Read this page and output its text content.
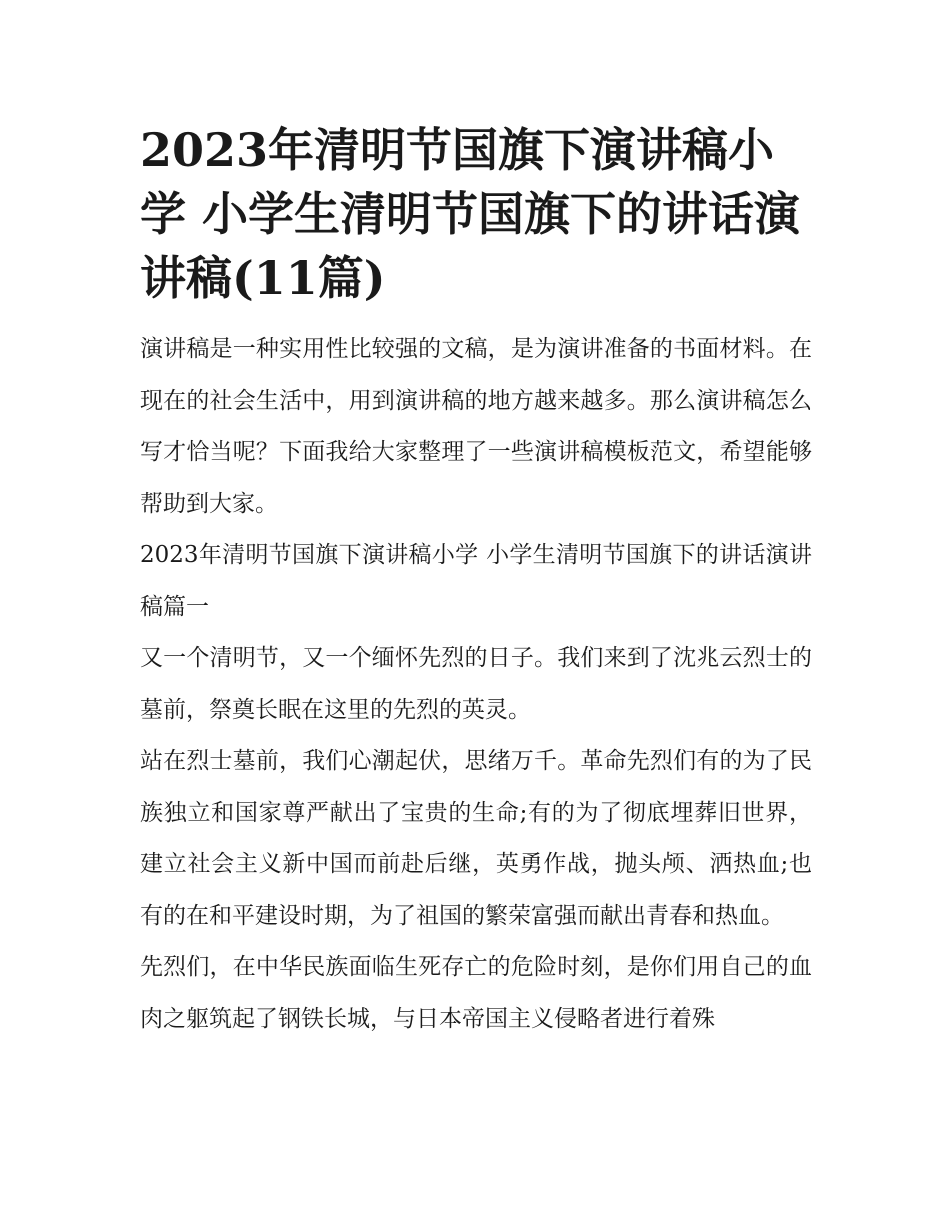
2023年清明节国旗下演讲稿小学 小学生清明节国旗下的讲话演讲稿(11篇)

演讲稿是一种实用性比较强的文稿，是为演讲准备的书面材料。在现在的社会生活中，用到演讲稿的地方越来越多。那么演讲稿怎么写才恰当呢？下面我给大家整理了一些演讲稿模板范文，希望能够帮助到大家。

2023年清明节国旗下演讲稿小学 小学生清明节国旗下的讲话演讲稿篇一

又一个清明节，又一个缅怀先烈的日子。我们来到了沈兆云烈士的墓前，祭奠长眠在这里的先烈的英灵。

站在烈士墓前，我们心潮起伏，思绪万千。革命先烈们有的为了民族独立和国家尊严献出了宝贵的生命;有的为了彻底埋葬旧世界，建立社会主义新中国而前赴后继，英勇作战，抛头颅、洒热血;也有的在和平建设时期，为了祖国的繁荣富强而献出青春和热血。

先烈们，在中华民族面临生死存亡的危险时刻，是你们用自己的血肉之躯筑起了钢铁长城，与日本帝国主义侵略者进行着殊
